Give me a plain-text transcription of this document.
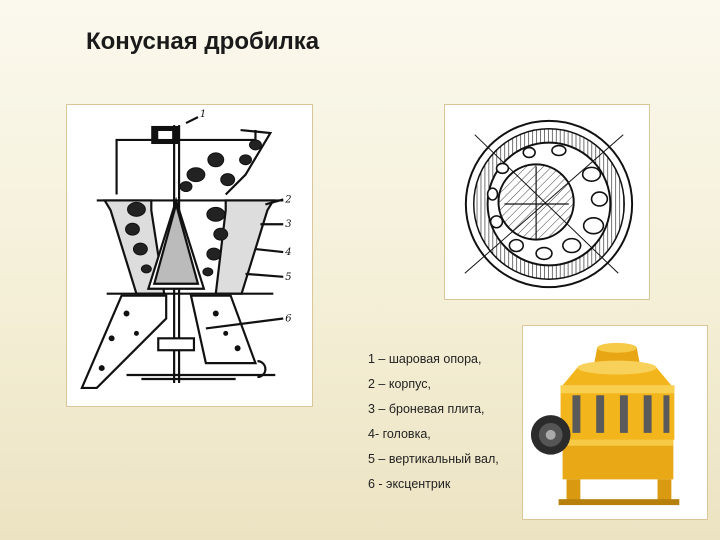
Конусная дробилка
1
2
3
4
5
6
1 – шаровая опора,
2 – корпус,
3 – броневая плита,
4- головка,
5 – вертикальный вал,
6 - эксцентрик
